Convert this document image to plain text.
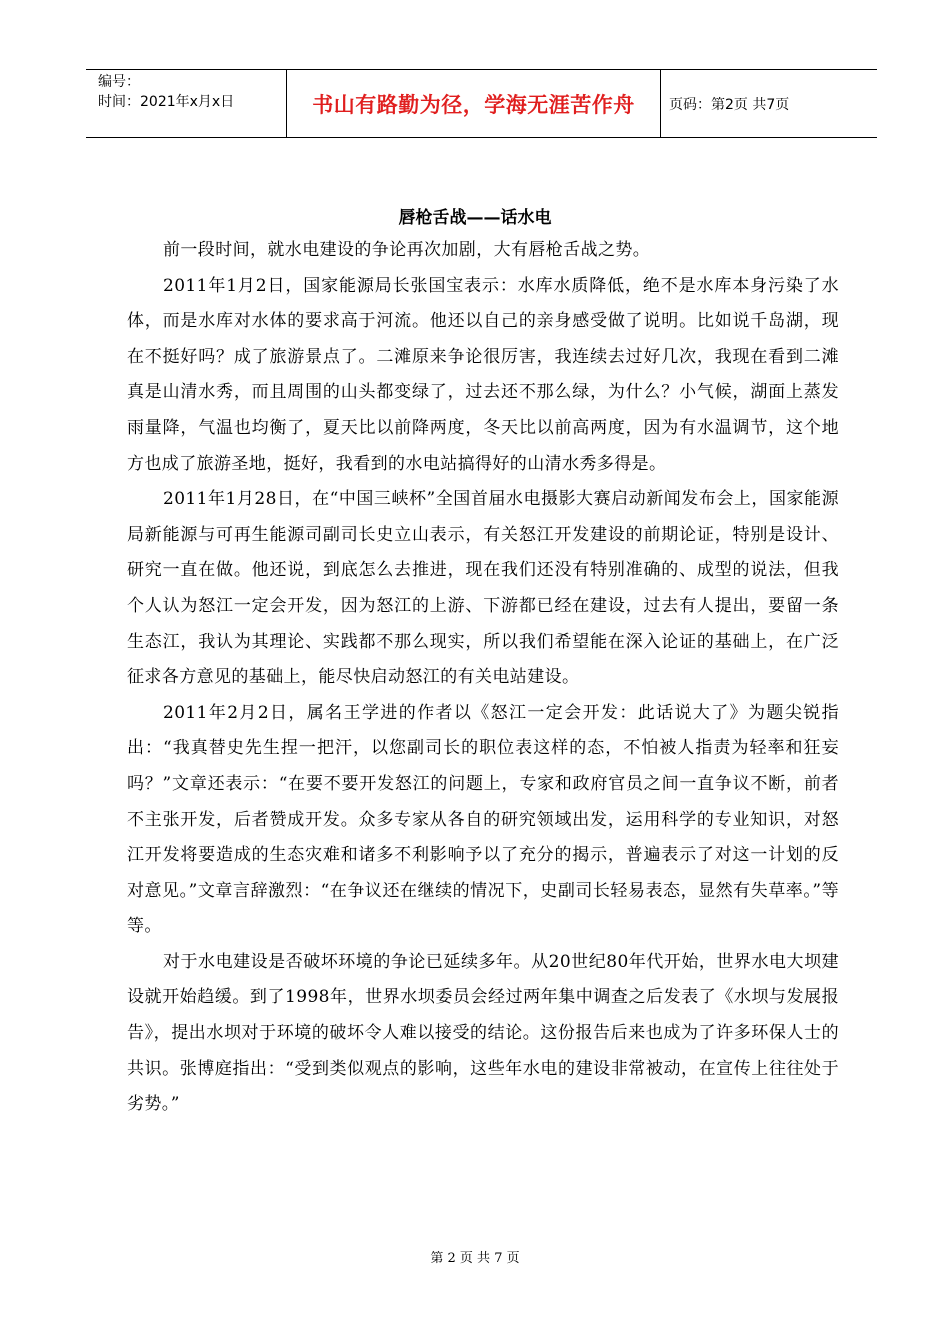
编号：
时间：2021年x月x日	书山有路勤为径，学海无涯苦作舟	页码：第2页 共7页
唇枪舌战——话水电

前一段时间，就水电建设的争论再次加剧，大有唇枪舌战之势。

2011年1月2日，国家能源局长张国宝表示：水库水质降低，绝不是水库本身污染了水体，而是水库对水体的要求高于河流。他还以自己的亲身感受做了说明。比如说千岛湖，现在不挺好吗？成了旅游景点了。二滩原来争论很厉害，我连续去过好几次，我现在看到二滩真是山清水秀，而且周围的山头都变绿了，过去还不那么绿，为什么？小气候，湖面上蒸发雨量降，气温也均衡了，夏天比以前降两度，冬天比以前高两度，因为有水温调节，这个地方也成了旅游圣地，挺好，我看到的水电站搞得好的山清水秀多得是。

2011年1月28日，在“中国三峡杯”全国首届水电摄影大赛启动新闻发布会上，国家能源局新能源与可再生能源司副司长史立山表示，有关怒江开发建设的前期论证，特别是设计、研究一直在做。他还说，到底怎么去推进，现在我们还没有特别准确的、成型的说法，但我个人认为怒江一定会开发，因为怒江的上游、下游都已经在建设，过去有人提出，要留一条生态江，我认为其理论、实践都不那么现实，所以我们希望能在深入论证的基础上，在广泛征求各方意见的基础上，能尽快启动怒江的有关电站建设。

2011年2月2日，属名王学进的作者以《怒江一定会开发：此话说大了》为题尖锐指出：“我真替史先生捏一把汗，以您副司长的职位表这样的态，不怕被人指责为轻率和狂妄吗？”文章还表示：“在要不要开发怒江的问题上，专家和政府官员之间一直争议不断，前者不主张开发，后者赞成开发。众多专家从各自的研究领域出发，运用科学的专业知识，对怒江开发将要造成的生态灾难和诸多不利影响予以了充分的揭示，普遍表示了对这一计划的反对意见。”文章言辞激烈：“在争议还在继续的情况下，史副司长轻易表态，显然有失草率。”等等。

对于水电建设是否破坏环境的争论已延续多年。从20世纪80年代开始，世界水电大坝建设就开始趋缓。到了1998年，世界水坝委员会经过两年集中调查之后发表了《水坝与发展报告》，提出水坝对于环境的破坏令人难以接受的结论。这份报告后来也成为了许多环保人士的共识。张博庭指出：“受到类似观点的影响，这些年水电的建设非常被动，在宣传上往往处于劣势。”

第 2 页 共 7 页
